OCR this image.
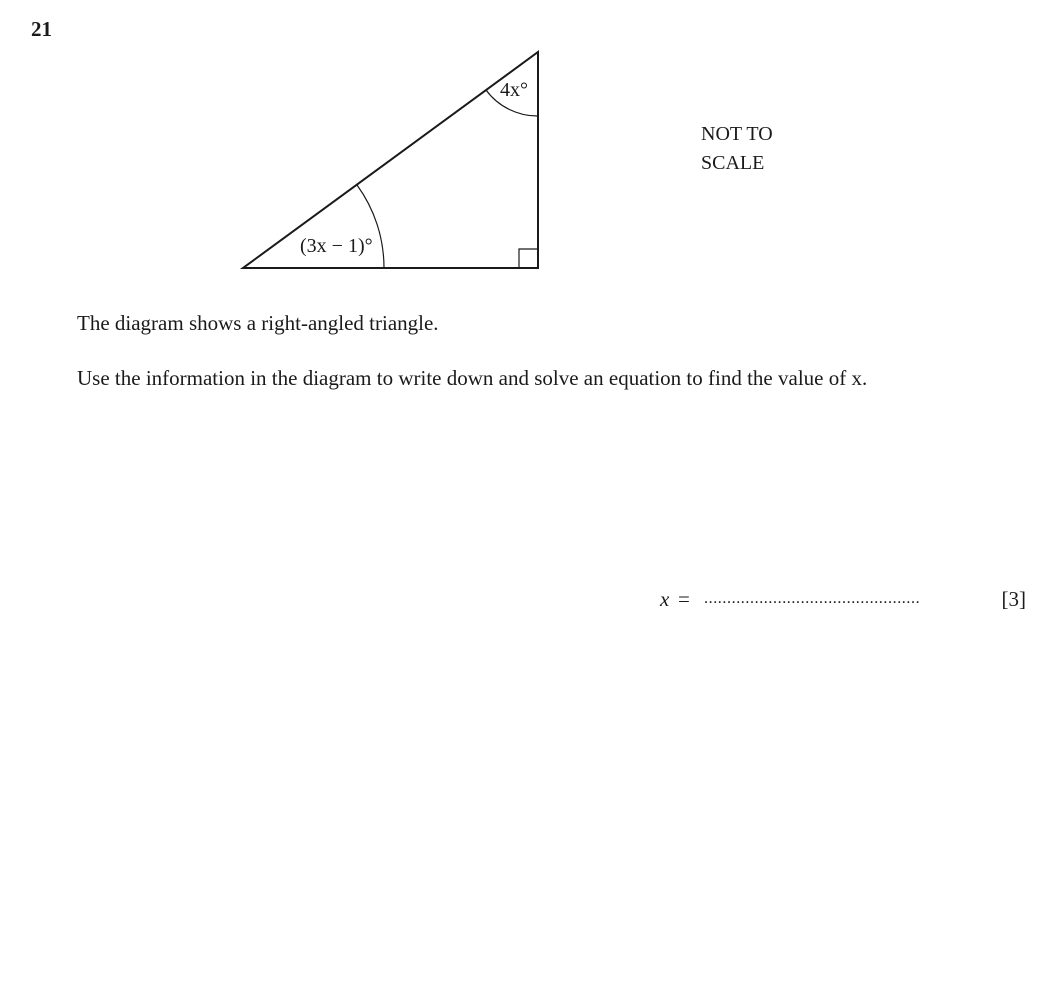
21
4x°
(3x − 1)°
NOT TO
SCALE
The diagram shows a right-angled triangle.
Use the information in the diagram to write down and solve an equation to find the value of x.
x = ...............................................	[3]
